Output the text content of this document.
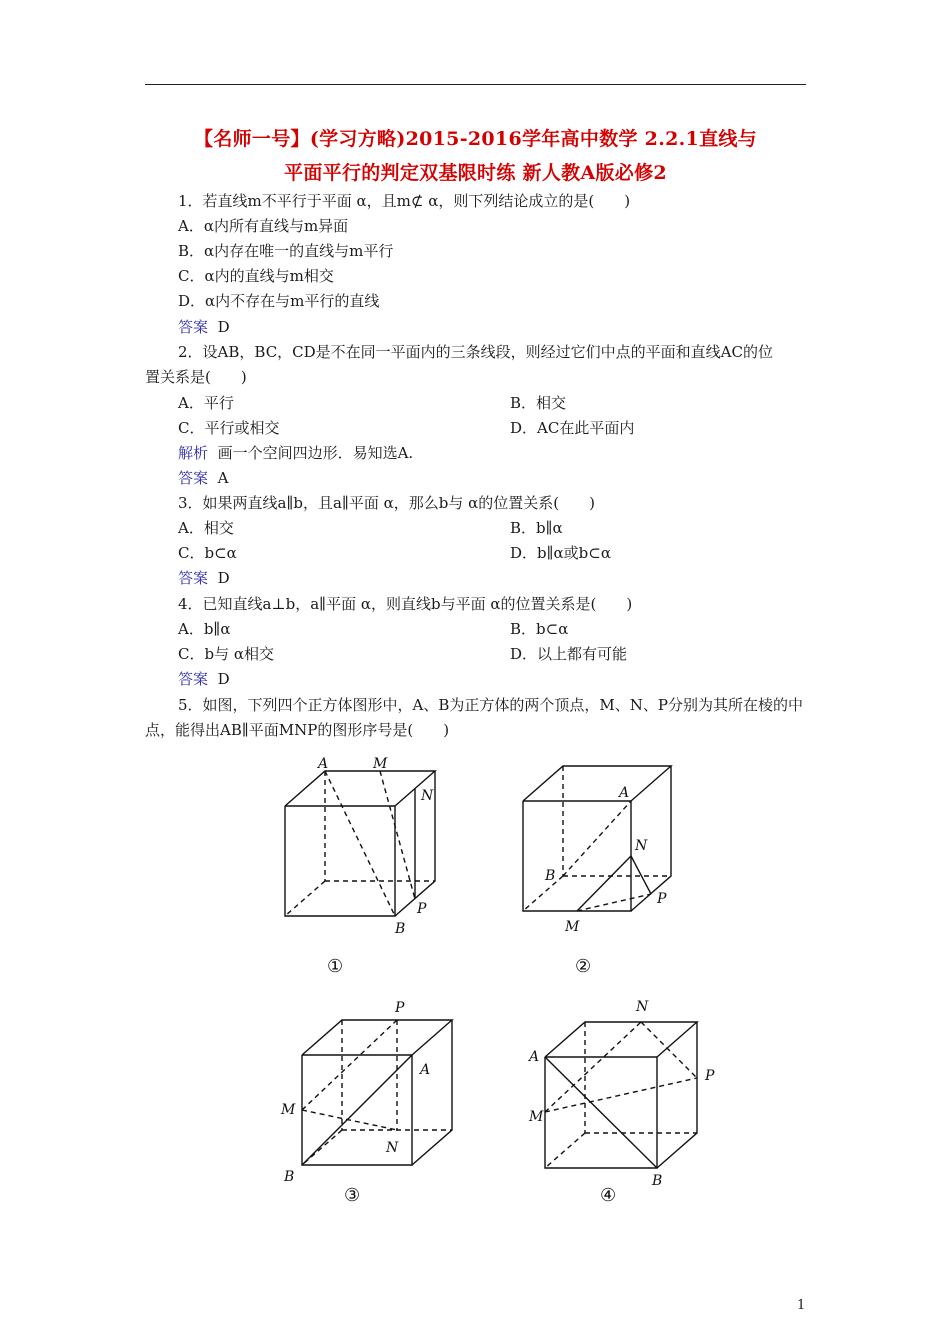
【名师一号】(学习方略)2015-2016学年高中数学 2.2.1直线与
平面平行的判定双基限时练 新人教A版必修2
1．若直线m不平行于平面 α，且m⊄ α，则下列结论成立的是(　　)
A．α内所有直线与m异面
B．α内存在唯一的直线与m平行
C．α内的直线与m相交
D．α内不存在与m平行的直线
答案 D
2．设AB，BC，CD是不在同一平面内的三条线段，则经过它们中点的平面和直线AC的位
置关系是(　　)
A．平行	B．相交
C．平行或相交	D．AC在此平面内
解析 画一个空间四边形．易知选A.
答案 A
3．如果两直线a∥b，且a∥平面 α，那么b与 α的位置关系(　　)
A．相交	B．b∥α
C．b⊂α	D．b∥α或b⊂α
答案 D
4．已知直线a⊥b，a∥平面 α，则直线b与平面 α的位置关系是(　　)
A．b∥α	B．b⊂α
C．b与 α相交	D．以上都有可能
答案 D
5．如图，下列四个正方体图形中，A、B为正方体的两个顶点，M、N、P分别为其所在棱的中
点，能得出AB∥平面MNP的图形序号是(　　)
A	M
N
P
B
①
A
N
B
P
M
②
P
A
M
N
B
③
N
A
P
M
B
④
1
